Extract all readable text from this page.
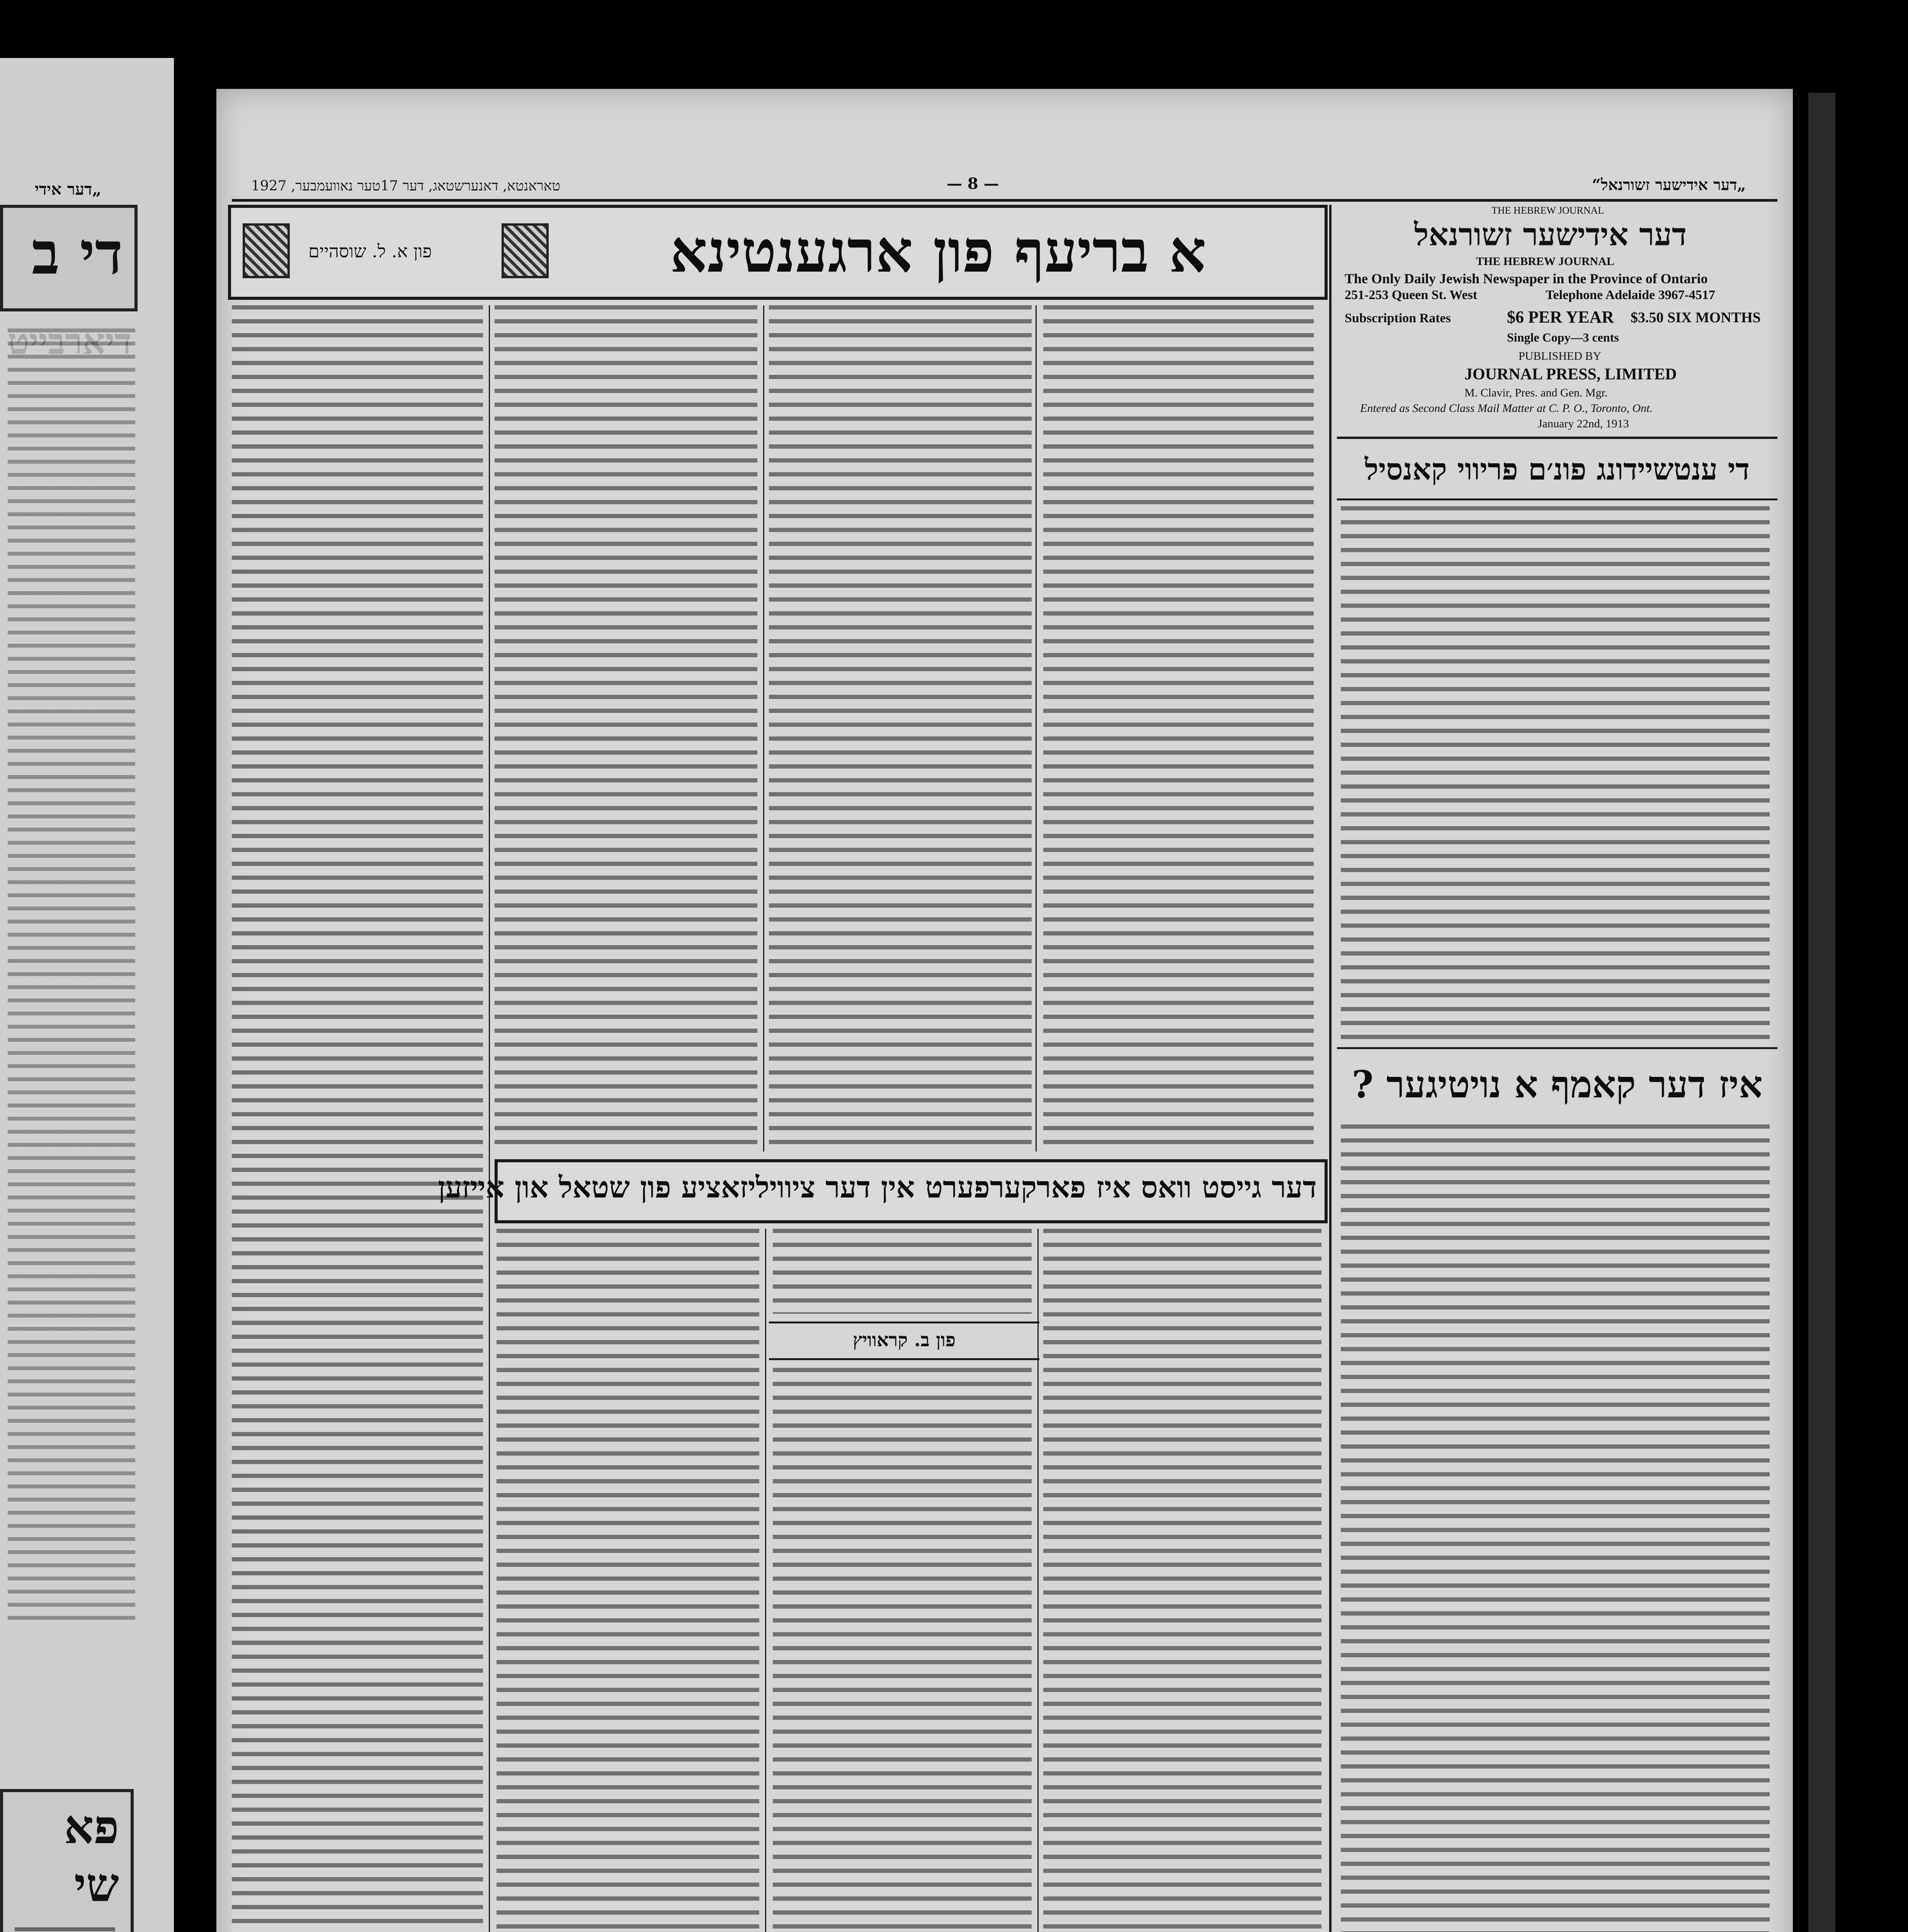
„דער אידי
די ב
פא
שי
טאראנטא, דאנערשטאג, דער 17טער נאוועמבער, 1927	— 8 —	„דער אידישער זשורנאל“
פון א. ל. שוסהיים	א בריעף פון ארגענטינא
THE HEBREW JOURNAL
דער אידישער זשורנאל
THE HEBREW JOURNAL
The Only Daily Jewish Newspaper in the Province of Ontario
251-253 Queen St. West	Telephone Adelaide 3967-4517
Subscription Rates	$6 PER YEAR $3.50 SIX MONTHS
Single Copy—3 cents
PUBLISHED BY
JOURNAL PRESS, LIMITED
M. Clavir, Pres. and Gen. Mgr.
Entered as Second Class Mail Matter at C. P. O., Toronto, Ont.
January 22nd, 1913
די ענטשיידונג פונ׳ם פריווי קאנסיל
איז דער קאמף א נויטיגער ?
דער גייסט וואס איז פארקערפערט אין דער ציוויליזאציע פון שטאל און אייזען
פון ב. קראוויץ
